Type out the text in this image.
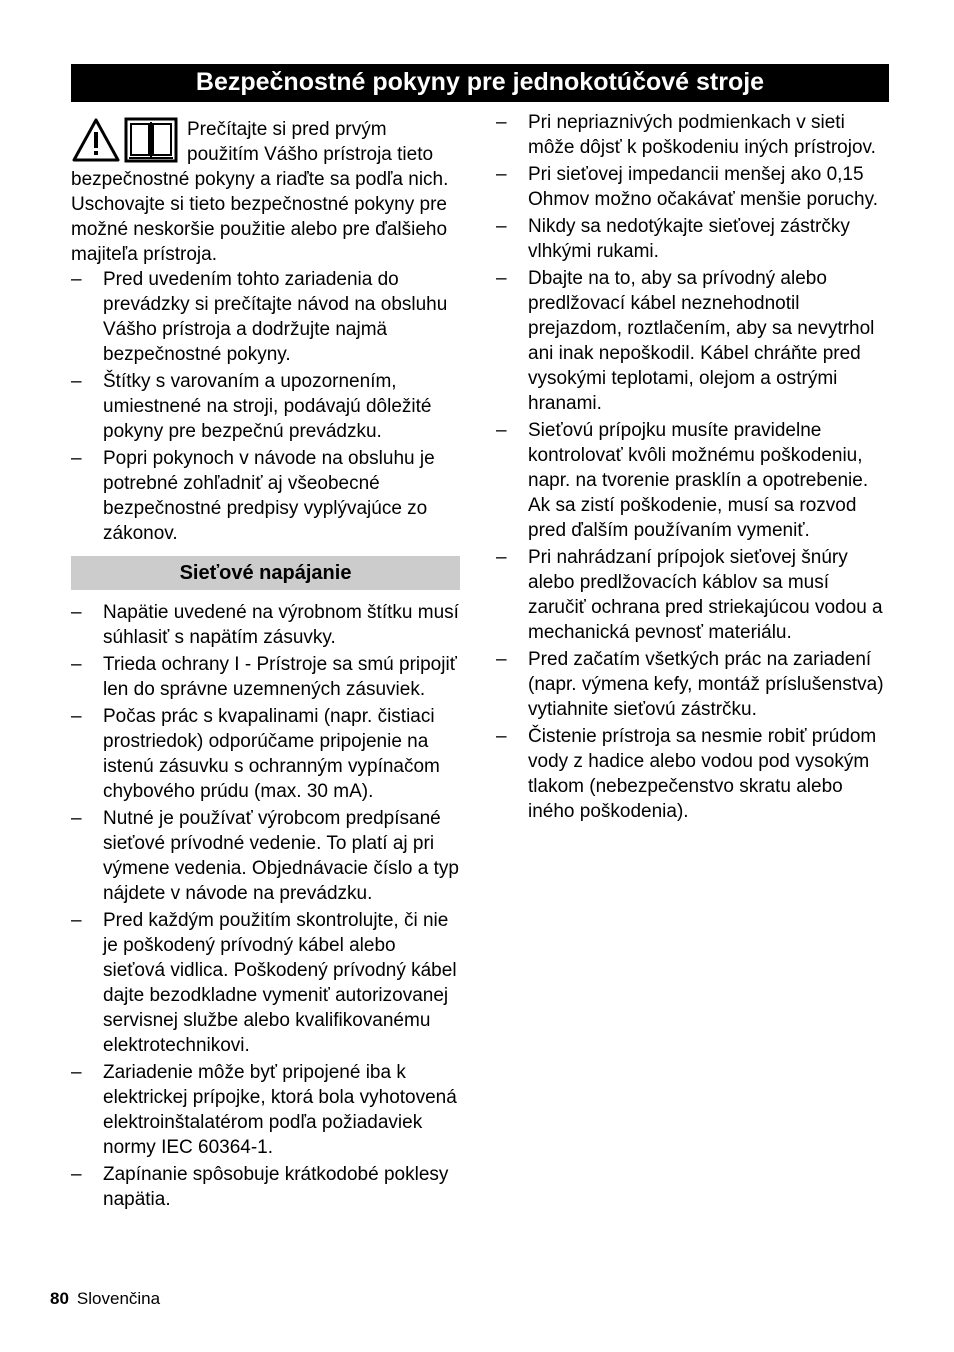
Bezpečnostné pokyny pre jednokotúčové stroje
Prečítajte si pred prvým použitím Vášho prístroja tieto bezpečnostné pokyny a riaďte sa podľa nich. Uschovajte si tieto bezpečnostné pokyny pre možné neskoršie použitie alebo pre ďalšieho majiteľa prístroja.
– Pred uvedením tohto zariadenia do prevádzky si prečítajte návod na obsluhu Vášho prístroja a dodržujte najmä bezpečnostné pokyny.
– Štítky s varovaním a upozornením, umiestnené na stroji, podávajú dôležité pokyny pre bezpečnú prevádzku.
– Popri pokynoch v návode na obsluhu je potrebné zohľadniť aj všeobecné bezpečnostné predpisy vyplývajúce zo zákonov.
Sieťové napájanie
– Napätie uvedené na výrobnom štítku musí súhlasiť s napätím zásuvky.
– Trieda ochrany I - Prístroje sa smú pripojiť len do správne uzemnených zásuviek.
– Počas prác s kvapalinami (napr. čistiaci prostriedok) odporúčame pripojenie na istenú zásuvku s ochranným vypínačom chybového prúdu (max. 30 mA).
– Nutné je používať výrobcom predpísané sieťové prívodné vedenie. To platí aj pri výmene vedenia. Objednávacie číslo a typ nájdete v návode na prevádzku.
– Pred každým použitím skontrolujte, či nie je poškodený prívodný kábel alebo sieťová vidlica. Poškodený prívodný kábel dajte bezodkladne vymeniť autorizovanej servisnej službe alebo kvalifikovanému elektrotechnikovi.
– Zariadenie môže byť pripojené iba k elektrickej prípojke, ktorá bola vyhotovená elektroinštalatérom podľa požiadaviek normy IEC 60364-1.
– Zapínanie spôsobuje krátkodobé poklesy napätia.
– Pri nepriaznivých podmienkach v sieti môže dôjsť k poškodeniu iných prístrojov.
– Pri sieťovej impedancii menšej ako 0,15 Ohmov možno očakávať menšie poruchy.
– Nikdy sa nedotýkajte sieťovej zástrčky vlhkými rukami.
– Dbajte na to, aby sa prívodný alebo predlžovací kábel neznehodnotil prejazdom, roztlačením, aby sa nevytrhol ani inak nepoškodil. Kábel chráňte pred vysokými teplotami, olejom a ostrými hranami.
– Sieťovú prípojku musíte pravidelne kontrolovať kvôli možnému poškodeniu, napr. na tvorenie prasklín a opotrebenie. Ak sa zistí poškodenie, musí sa rozvod pred ďalším používaním vymeniť.
– Pri nahrádzaní prípojok sieťovej šnúry alebo predlžovacích káblov sa musí zaručiť ochrana pred striekajúcou vodou a mechanická pevnosť materiálu.
– Pred začatím všetkých prác na zariadení (napr. výmena kefy, montáž príslušenstva) vytiahnite sieťovú zástrčku.
– Čistenie prístroja sa nesmie robiť prúdom vody z hadice alebo vodou pod vysokým tlakom (nebezpečenstvo skratu alebo iného poškodenia).
80 Slovenčina
